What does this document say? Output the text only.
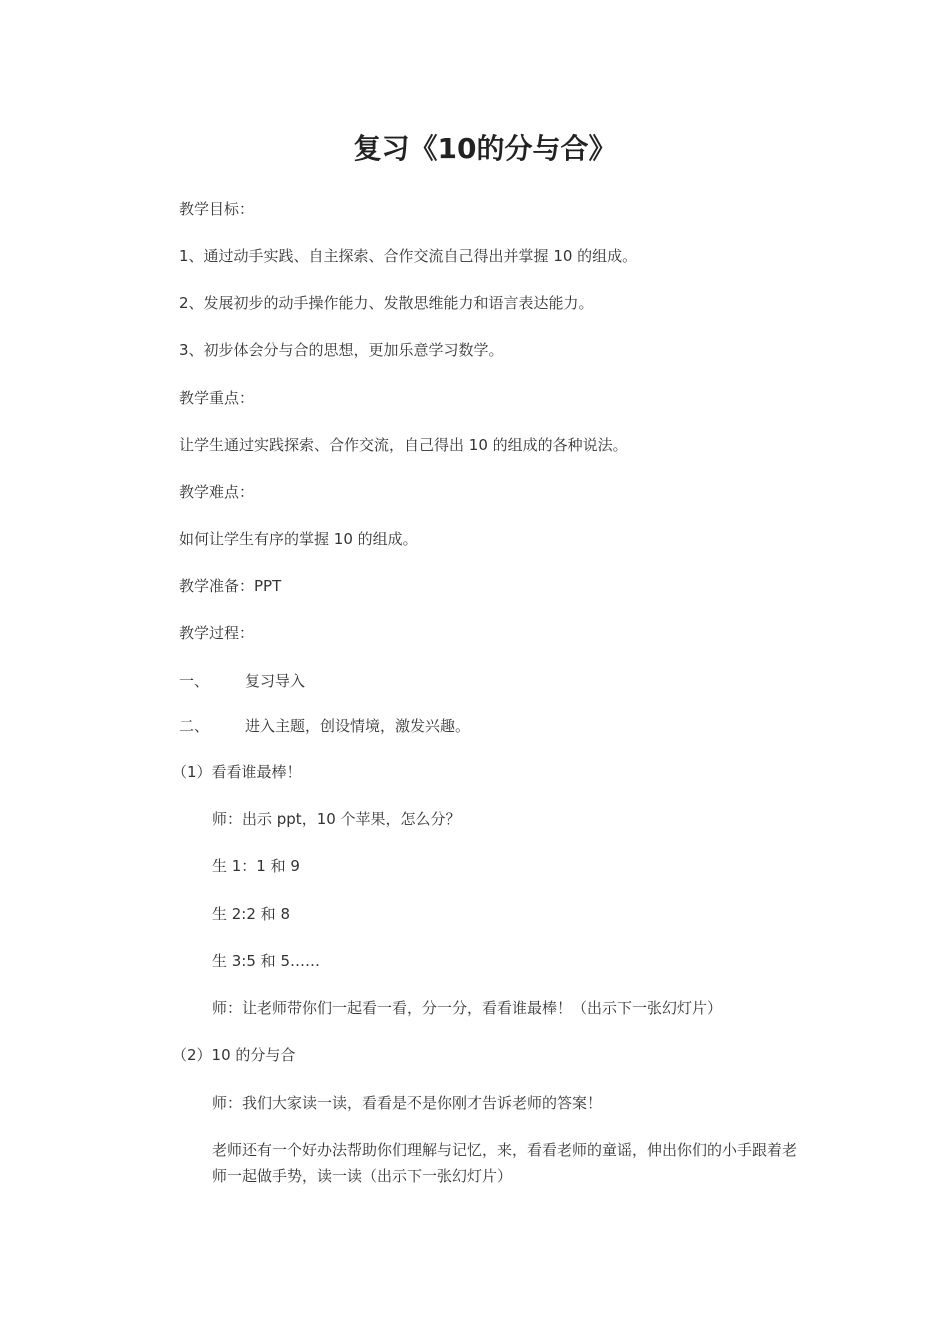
复习《10的分与合》

教学目标：

1、通过动手实践、自主探索、合作交流自己得出并掌握 10 的组成。

2、发展初步的动手操作能力、发散思维能力和语言表达能力。

3、初步体会分与合的思想，更加乐意学习数学。

教学重点：

让学生通过实践探索、合作交流，自己得出 10 的组成的各种说法。

教学难点：

如何让学生有序的掌握 10 的组成。

教学准备：PPT

教学过程：

一、 复习导入

二、 进入主题，创设情境，激发兴趣。

（1）看看谁最棒！

师：出示 ppt，10 个苹果，怎么分？

生 1：1 和 9

生 2:2 和 8

生 3:5 和 5……

师：让老师带你们一起看一看，分一分，看看谁最棒！（出示下一张幻灯片）

（2）10 的分与合

师：我们大家读一读，看看是不是你刚才告诉老师的答案！

老师还有一个好办法帮助你们理解与记忆，来，看看老师的童谣，伸出你们的小手跟着老师一起做手势，读一读（出示下一张幻灯片）
